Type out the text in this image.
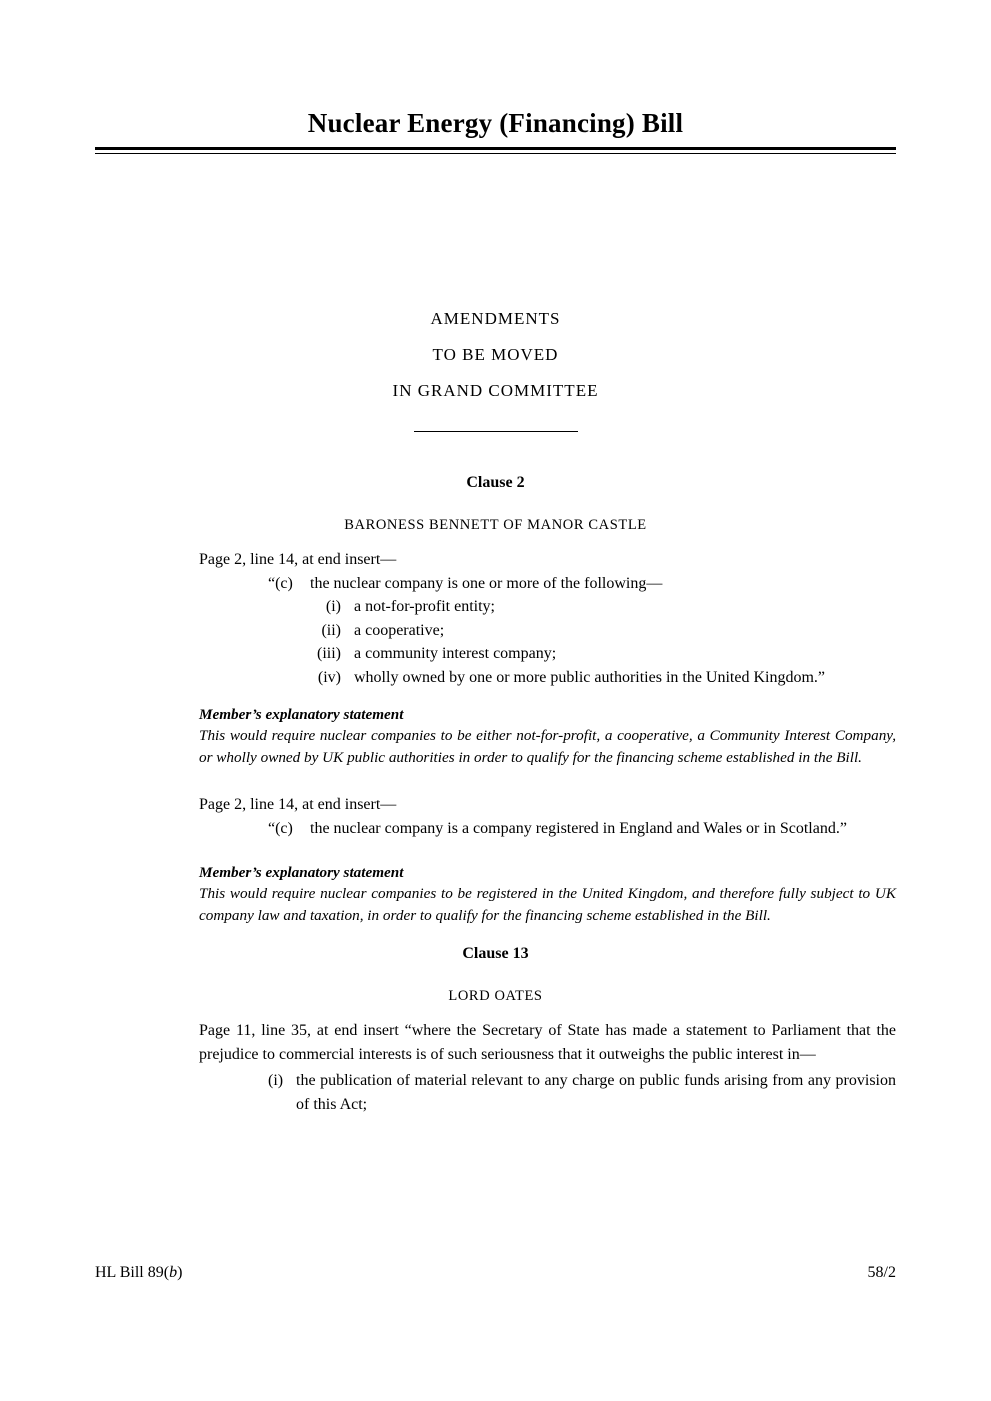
Nuclear Energy (Financing) Bill
AMENDMENTS
TO BE MOVED
IN GRAND COMMITTEE
Clause 2
BARONESS BENNETT OF MANOR CASTLE
Page 2, line 14, at end insert—
“(c)	the nuclear company is one or more of the following—
(i) a not-for-profit entity;
(ii) a cooperative;
(iii) a community interest company;
(iv) wholly owned by one or more public authorities in the United Kingdom.”
Member’s explanatory statement
This would require nuclear companies to be either not-for-profit, a cooperative, a Community Interest Company, or wholly owned by UK public authorities in order to qualify for the financing scheme established in the Bill.
Page 2, line 14, at end insert—
“(c)	the nuclear company is a company registered in England and Wales or in Scotland.”
Member’s explanatory statement
This would require nuclear companies to be registered in the United Kingdom, and therefore fully subject to UK company law and taxation, in order to qualify for the financing scheme established in the Bill.
Clause 13
LORD OATES
Page 11, line 35, at end insert “where the Secretary of State has made a statement to Parliament that the prejudice to commercial interests is of such seriousness that it outweighs the public interest in—
(i) the publication of material relevant to any charge on public funds arising from any provision of this Act;
HL Bill 89(b)	58/2
